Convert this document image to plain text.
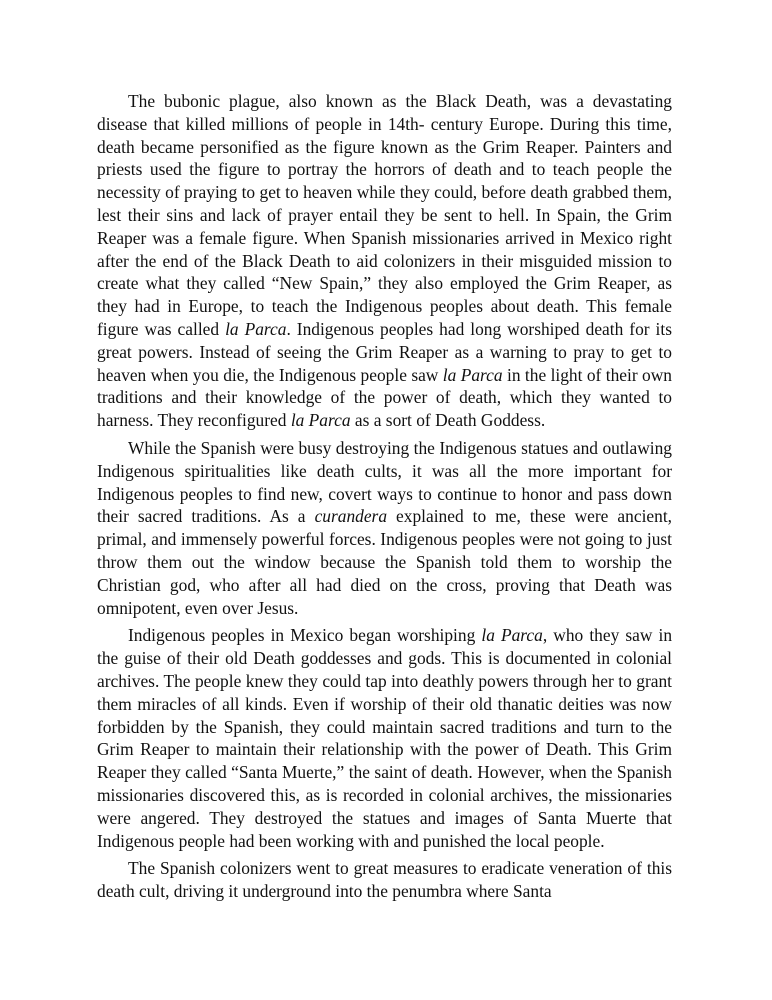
The bubonic plague, also known as the Black Death, was a devastating disease that killed millions of people in 14th- century Europe. During this time, death became personified as the figure known as the Grim Reaper. Painters and priests used the figure to portray the horrors of death and to teach people the necessity of praying to get to heaven while they could, before death grabbed them, lest their sins and lack of prayer entail they be sent to hell. In Spain, the Grim Reaper was a female figure. When Spanish missionaries arrived in Mexico right after the end of the Black Death to aid colonizers in their misguided mission to create what they called “New Spain,” they also employed the Grim Reaper, as they had in Europe, to teach the Indigenous peoples about death. This female figure was called la Parca. Indigenous peoples had long worshiped death for its great powers. Instead of seeing the Grim Reaper as a warning to pray to get to heaven when you die, the Indigenous people saw la Parca in the light of their own traditions and their knowledge of the power of death, which they wanted to harness. They reconfigured la Parca as a sort of Death Goddess.

While the Spanish were busy destroying the Indigenous statues and outlawing Indigenous spiritualities like death cults, it was all the more important for Indigenous peoples to find new, covert ways to continue to honor and pass down their sacred traditions. As a curandera explained to me, these were ancient, primal, and immensely powerful forces. Indigenous peoples were not going to just throw them out the window because the Spanish told them to worship the Christian god, who after all had died on the cross, proving that Death was omnipotent, even over Jesus.

Indigenous peoples in Mexico began worshiping la Parca, who they saw in the guise of their old Death goddesses and gods. This is documented in colonial archives. The people knew they could tap into deathly powers through her to grant them miracles of all kinds. Even if worship of their old thanatic deities was now forbidden by the Spanish, they could maintain sacred traditions and turn to the Grim Reaper to maintain their relationship with the power of Death. This Grim Reaper they called “Santa Muerte,” the saint of death. However, when the Spanish missionaries discovered this, as is recorded in colonial archives, the missionaries were angered. They destroyed the statues and images of Santa Muerte that Indigenous people had been working with and punished the local people.

The Spanish colonizers went to great measures to eradicate veneration of this death cult, driving it underground into the penumbra where Santa
